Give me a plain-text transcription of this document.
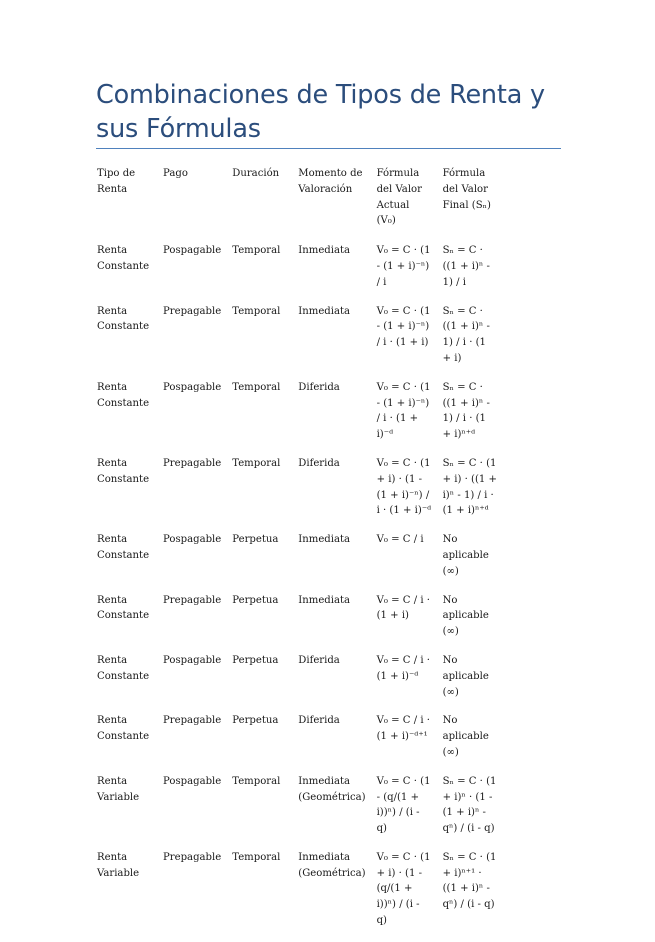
Combinaciones de Tipos de Renta y sus Fórmulas
Tipo de Renta	Pago	Duración	Momento de Valoración	Fórmula del Valor Actual (V₀)	Fórmula del Valor Final (Sₙ)
Renta Constante	Pospagable	Temporal	Inmediata	V₀ = C · (1 - (1 + i)⁻ⁿ) / i	Sₙ = C · ((1 + i)ⁿ - 1) / i
Renta Constante	Prepagable	Temporal	Inmediata	V₀ = C · (1 - (1 + i)⁻ⁿ) / i · (1 + i)	Sₙ = C · ((1 + i)ⁿ - 1) / i · (1 + i)
Renta Constante	Pospagable	Temporal	Diferida	V₀ = C · (1 - (1 + i)⁻ⁿ) / i · (1 + i)⁻ᵈ	Sₙ = C · ((1 + i)ⁿ - 1) / i · (1 + i)ⁿ⁺ᵈ
Renta Constante	Prepagable	Temporal	Diferida	V₀ = C · (1 + i) · (1 - (1 + i)⁻ⁿ) / i · (1 + i)⁻ᵈ	Sₙ = C · (1 + i) · ((1 + i)ⁿ - 1) / i · (1 + i)ⁿ⁺ᵈ
Renta Constante	Pospagable	Perpetua	Inmediata	V₀ = C / i	No aplicable (∞)
Renta Constante	Prepagable	Perpetua	Inmediata	V₀ = C / i · (1 + i)	No aplicable (∞)
Renta Constante	Pospagable	Perpetua	Diferida	V₀ = C / i · (1 + i)⁻ᵈ	No aplicable (∞)
Renta Constante	Prepagable	Perpetua	Diferida	V₀ = C / i · (1 + i)⁻ᵈ⁺¹	No aplicable (∞)
Renta Variable	Pospagable	Temporal	Inmediata (Geométrica)	V₀ = C · (1 - (q/(1 + i))ⁿ) / (i - q)	Sₙ = C · (1 + i)ⁿ · (1 - (1 + i)ⁿ - qⁿ) / (i - q)
Renta Variable	Prepagable	Temporal	Inmediata (Geométrica)	V₀ = C · (1 + i) · (1 - (q/(1 + i))ⁿ) / (i - q)	Sₙ = C · (1 + i)ⁿ⁺¹ · ((1 + i)ⁿ - qⁿ) / (i - q)
